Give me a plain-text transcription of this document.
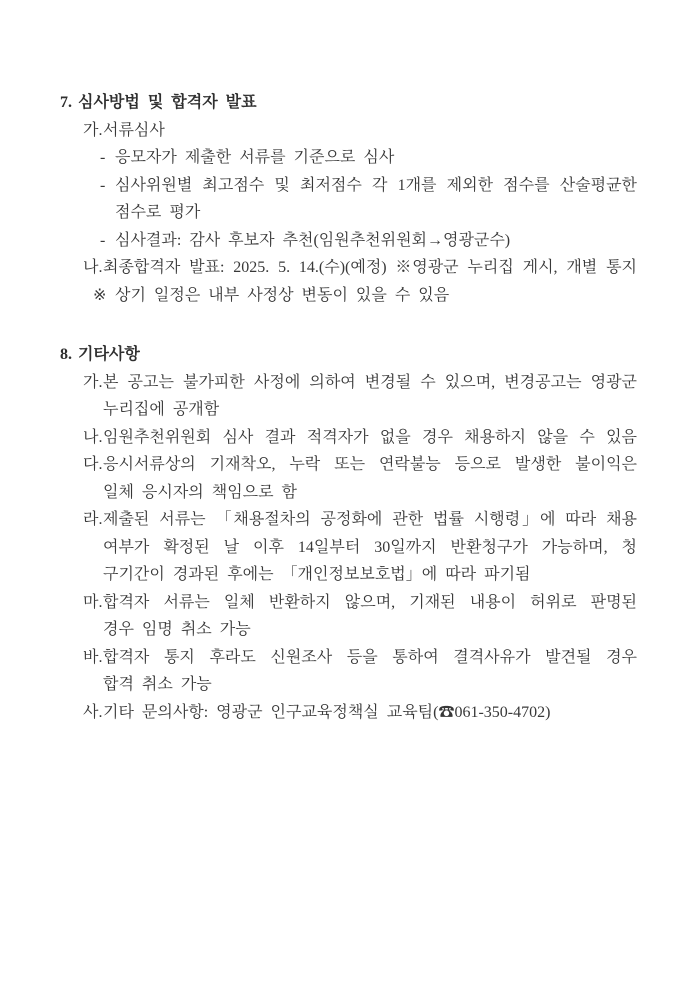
7. 심사방법 및 합격자 발표
가. 서류심사
- 응모자가 제출한 서류를 기준으로 심사
- 심사위원별 최고점수 및 최저점수 각 1개를 제외한 점수를 산술평균한
점수로 평가
- 심사결과: 감사 후보자 추천(임원추천위원회→영광군수)
나. 최종합격자 발표: 2025. 5. 14.(수)(예정) ※영광군 누리집 게시, 개별 통지
※ 상기 일정은 내부 사정상 변동이 있을 수 있음
8. 기타사항
가. 본 공고는 불가피한 사정에 의하여 변경될 수 있으며, 변경공고는 영광군
누리집에 공개함
나. 임원추천위원회 심사 결과 적격자가 없을 경우 채용하지 않을 수 있음
다. 응시서류상의 기재착오, 누락 또는 연락불능 등으로 발생한 불이익은
일체 응시자의 책임으로 함
라. 제출된 서류는 「채용절차의 공정화에 관한 법률 시행령」에 따라 채용
여부가 확정된 날 이후 14일부터 30일까지 반환청구가 가능하며, 청
구기간이 경과된 후에는 「개인정보보호법」에 따라 파기됨
마. 합격자 서류는 일체 반환하지 않으며, 기재된 내용이 허위로 판명된
경우 임명 취소 가능
바. 합격자 통지 후라도 신원조사 등을 통하여 결격사유가 발견될 경우
합격 취소 가능
사. 기타 문의사항: 영광군 인구교육정책실 교육팀(☎061-350-4702)
